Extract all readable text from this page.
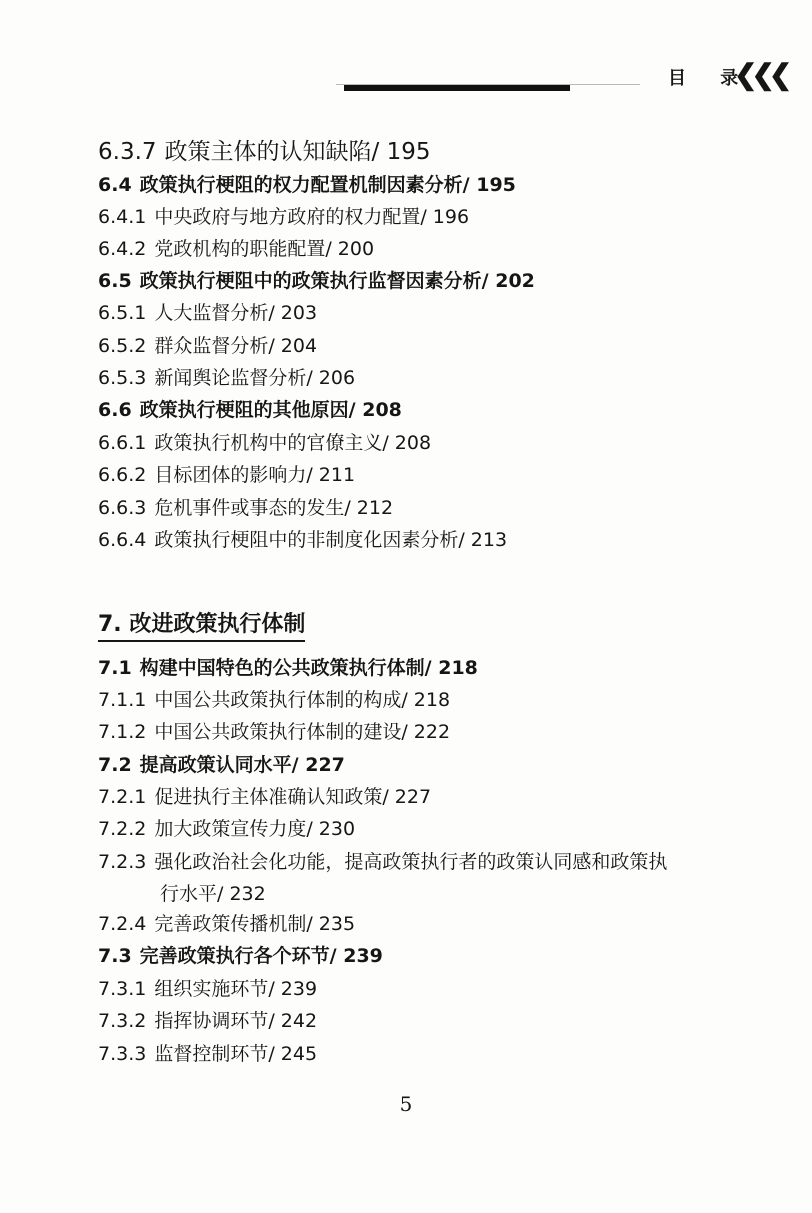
目 录
❮❮❮
6.3.7 政策主体的认知缺陷/ 195
6.4 政策执行梗阻的权力配置机制因素分析/ 195
6.4.1 中央政府与地方政府的权力配置/ 196
6.4.2 党政机构的职能配置/ 200
6.5 政策执行梗阻中的政策执行监督因素分析/ 202
6.5.1 人大监督分析/ 203
6.5.2 群众监督分析/ 204
6.5.3 新闻舆论监督分析/ 206
6.6 政策执行梗阻的其他原因/ 208
6.6.1 政策执行机构中的官僚主义/ 208
6.6.2 目标团体的影响力/ 211
6.6.3 危机事件或事态的发生/ 212
6.6.4 政策执行梗阻中的非制度化因素分析/ 213
7. 改进政策执行体制
7.1 构建中国特色的公共政策执行体制/ 218
7.1.1 中国公共政策执行体制的构成/ 218
7.1.2 中国公共政策执行体制的建设/ 222
7.2 提高政策认同水平/ 227
7.2.1 促进执行主体准确认知政策/ 227
7.2.2 加大政策宣传力度/ 230
7.2.3 强化政治社会化功能，提高政策执行者的政策认同感和政策执
行水平/ 232
7.2.4 完善政策传播机制/ 235
7.3 完善政策执行各个环节/ 239
7.3.1 组织实施环节/ 239
7.3.2 指挥协调环节/ 242
7.3.3 监督控制环节/ 245
5
